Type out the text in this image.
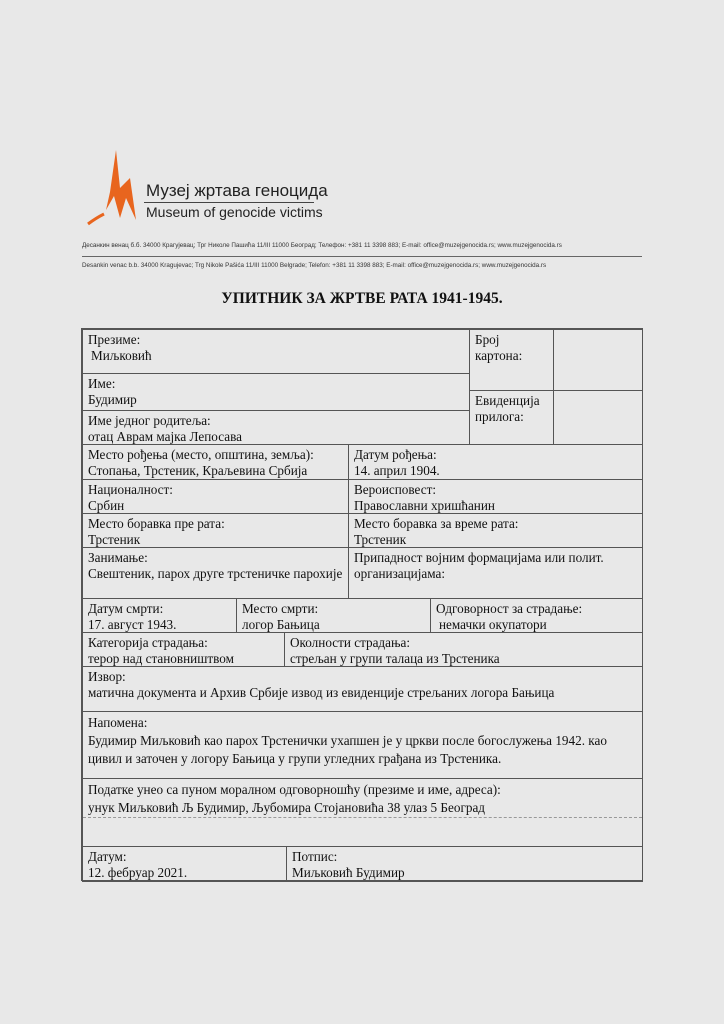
Музеј жртава геноцида
Museum of genocide victims
Десанкин венац б.б. 34000 Крагујевац; Трг Николе Пашића 11/III 11000 Београд; Телефон: +381 11 3398 883; E-mail: office@muzejgenocida.rs; www.muzejgenocida.rs
Desankin venac b.b. 34000 Kragujevac; Trg Nikole Pašića 11/III 11000 Belgrade; Telefon: +381 11 3398 883; E-mail: office@muzejgenocida.rs; www.muzejgenocida.rs
УПИТНИК ЗА ЖРТВЕ РАТА 1941-1945.
Презиме:
Миљковић
Број картона:
Име:
Будимир	Евиденција прилога:
Име једног родитеља:
отац Аврам мајка Лепосава
Место рођења (место, општина, земља):
Стопања, Трстеник, Краљевина Србија
Датум рођења:
14. април 1904.
Националност:
Србин
Вероисповест:
Православни хришћанин
Место боравка пре рата:
Трстеник
Место боравка за време рата:
Трстеник
Занимање:
Свештеник, парох друге трстеничке парохије
Припадност војним формацијама или полит. организацијама:
Датум смрти:
17. август 1943.
Место смрти:
логор Бањица
Одговорност за страдање:
немачки окупатори
Категорија страдања:
терор над становништвом
Околности страдања:
стрељан у групи талаца из Трстеника
Извор:
матична документа и Архив Србије извод из евиденције стрељаних логора Бањица
Напомена:
Будимир Миљковић као парох Трстенички ухапшен је у цркви после богослужења 1942. као цивил и заточен у логору Бањица у групи угледних грађана из Трстеника.
Податке унео са пуном моралном одговорношћу (презиме и име, адреса):
унук Миљковић Љ Будимир, Љубомира Стојановића 38 улаз 5 Београд
Датум:
12. фебруар 2021.
Потпис:
Миљковић Будимир
